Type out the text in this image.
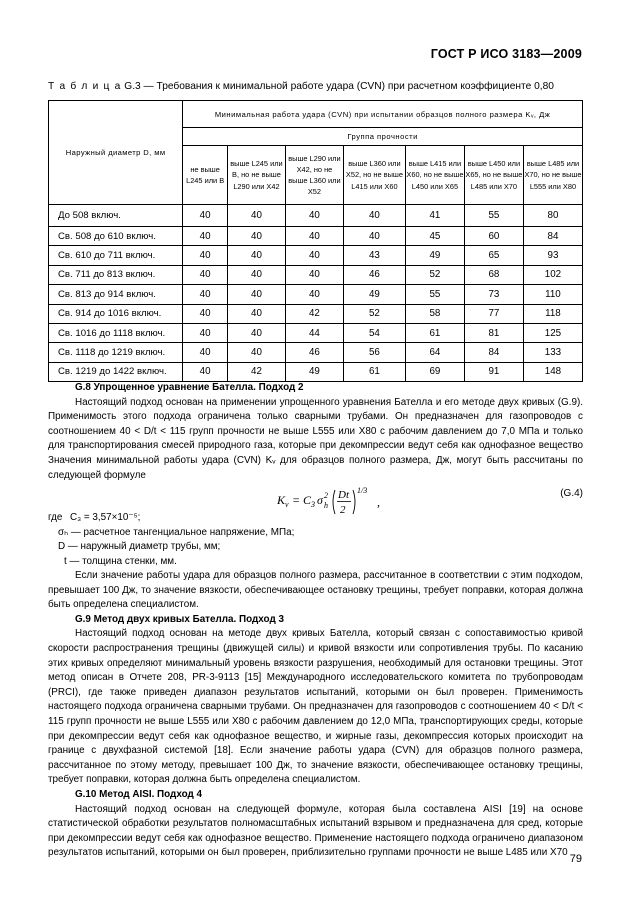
ГОСТ Р ИСО 3183—2009
Т а б л и ц а G.3 — Требования к минимальной работе удара (CVN) при расчетном коэффициенте 0,80
Наружный диаметр D, мм	Минимальная работа удара (CVN) при испытании образцов полного размера Kᵥ, Дж						
	Группа прочности						
	не выше L245 или B	выше L245 или B, но не выше L290 или X42	выше L290 или X42, но не выше L360 или X52	выше L360 или X52, но не выше L415 или X60	выше L415 или X60, но не выше L450 или X65	выше L450 или X65, но не выше L485 или X70	выше L485 или X70, но не выше L555 или X80
До 508 включ.	40	40	40	40	41	55	80
Св. 508 до 610 включ.	40	40	40	40	45	60	84
Св. 610 до 711 включ.	40	40	40	43	49	65	93
Св. 711 до 813 включ.	40	40	40	46	52	68	102
Св. 813 до 914 включ.	40	40	40	49	55	73	110
Св. 914 до 1016 включ.	40	40	42	52	58	77	118
Св. 1016 до 1118 включ.	40	40	44	54	61	81	125
Св. 1118 до 1219 включ.	40	40	46	56	64	84	133
Св. 1219 до 1422 включ.	40	42	49	61	69	91	148

G.8 Упрощенное уравнение Бателла. Подход 2

Настоящий подход основан на применении упрощенного уравнения Бателла и его методе двух кривых (G.9). Применимость этого подхода ограничена только сварными трубами. Он предназначен для газопроводов с соотношением 40 < D/t < 115 групп прочности не выше L555 или X80 с рабочим давлением до 7,0 МПа и только для транспортирования смесей природного газа, которые при декомпрессии ведут себя как однофазное вещество Значения минимальной работы удара (CVN) Kᵥ для образцов полного размера, Дж, могут быть рассчитаны по следующей формуле

K v = C 3 σ 2
h
Dt
2
1/3
,
(G.4)
где C₃ = 3,57×10⁻⁵;
σₕ — расчетное тангенциальное напряжение, МПа;
D — наружный диаметр трубы, мм;
t — толщина стенки, мм.

Если значение работы удара для образцов полного размера, рассчитанное в соответствии с этим подходом, превышает 100 Дж, то значение вязкости, обеспечивающее остановку трещины, требует поправки, которая должна быть определена специалистом.

G.9 Метод двух кривых Бателла. Подход 3

Настоящий подход основан на методе двух кривых Бателла, который связан с сопоставимостью кривой скорости распространения трещины (движущей силы) и кривой вязкости или сопротивления трубы. По касанию этих кривых определяют минимальный уровень вязкости разрушения, необходимый для остановки трещины. Этот метод описан в Отчете 208, PR-3-9113 [15] Международного исследовательского комитета по трубопроводам (PRCI), где также приведен диапазон результатов испытаний, которыми он был проверен. Применимость настоящего подхода ограничена сварными трубами. Он предназначен для газопроводов с соотношением 40 < D/t < 115 групп прочности не выше L555 или X80 с рабочим давлением до 12,0 МПа, транспортирующих среды, которые при декомпрессии ведут себя как однофазное вещество, и жирные газы, декомпрессия которых происходит на границе с двухфазной системой [18]. Если значение работы удара (CVN) для образцов полного размера, рассчитанное по этому методу, превышает 100 Дж, то значение вязкости, обеспечивающее остановку трещины, требует поправки, которая должна быть определена специалистом.

G.10 Метод AISI. Подход 4

Настоящий подход основан на следующей формуле, которая была составлена AISI [19] на основе статистической обработки результатов полномасштабных испытаний взрывом и предназначена для сред, которые при декомпрессии ведут себя как однофазное вещество. Применение настоящего подхода ограничено диапазоном результатов испытаний, которыми он был проверен, приблизительно группами прочности не выше L485 или X70

79
